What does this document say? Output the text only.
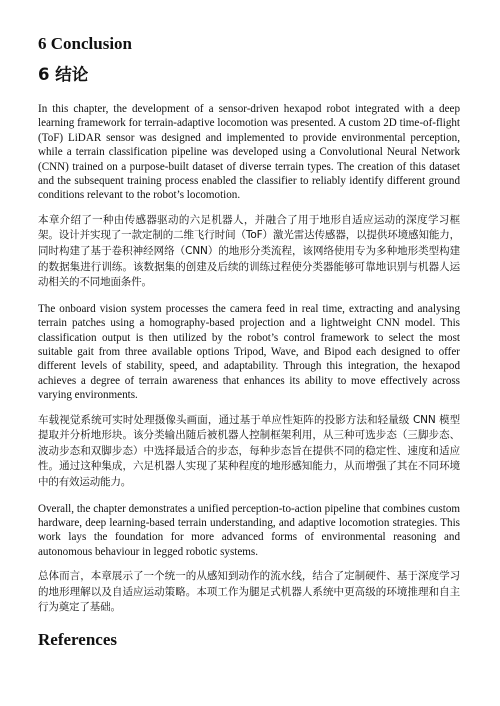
6 Conclusion
6 结论

In this chapter, the development of a sensor-driven hexapod robot integrated with a deep learning framework for terrain-adaptive locomotion was presented. A custom 2D time-of-flight (ToF) LiDAR sensor was designed and implemented to provide environmental perception, while a terrain classification pipeline was developed using a Convolutional Neural Network (CNN) trained on a purpose-built dataset of diverse terrain types. The creation of this dataset and the subsequent training process enabled the classifier to reliably identify different ground conditions relevant to the robot’s locomotion.

本章介绍了一种由传感器驱动的六足机器人，并融合了用于地形自适应运动的深度学习框架。设计并实现了一款定制的二维飞行时间（ToF）激光雷达传感器，以提供环境感知能力，同时构建了基于卷积神经网络（CNN）的地形分类流程，该网络使用专为多种地形类型构建的数据集进行训练。该数据集的创建及后续的训练过程使分类器能够可靠地识别与机器人运动相关的不同地面条件。

The onboard vision system processes the camera feed in real time, extracting and analysing terrain patches using a homography-based projection and a lightweight CNN model. This classification output is then utilized by the robot’s control framework to select the most suitable gait from three available options Tripod, Wave, and Bipod each designed to offer different levels of stability, speed, and adaptability. Through this integration, the hexapod achieves a degree of terrain awareness that enhances its ability to move effectively across varying environments.

车载视觉系统可实时处理摄像头画面，通过基于单应性矩阵的投影方法和轻量级 CNN 模型提取并分析地形块。该分类输出随后被机器人控制框架利用，从三种可选步态（三脚步态、波动步态和双脚步态）中选择最适合的步态，每种步态旨在提供不同的稳定性、速度和适应性。通过这种集成，六足机器人实现了某种程度的地形感知能力，从而增强了其在不同环境中的有效运动能力。

Overall, the chapter demonstrates a unified perception-to-action pipeline that combines custom hardware, deep learning-based terrain understanding, and adaptive locomotion strategies. This work lays the foundation for more advanced forms of environmental reasoning and autonomous behaviour in legged robotic systems.

总体而言，本章展示了一个统一的从感知到动作的流水线，结合了定制硬件、基于深度学习的地形理解以及自适应运动策略。本项工作为腿足式机器人系统中更高级的环境推理和自主行为奠定了基础。

References
